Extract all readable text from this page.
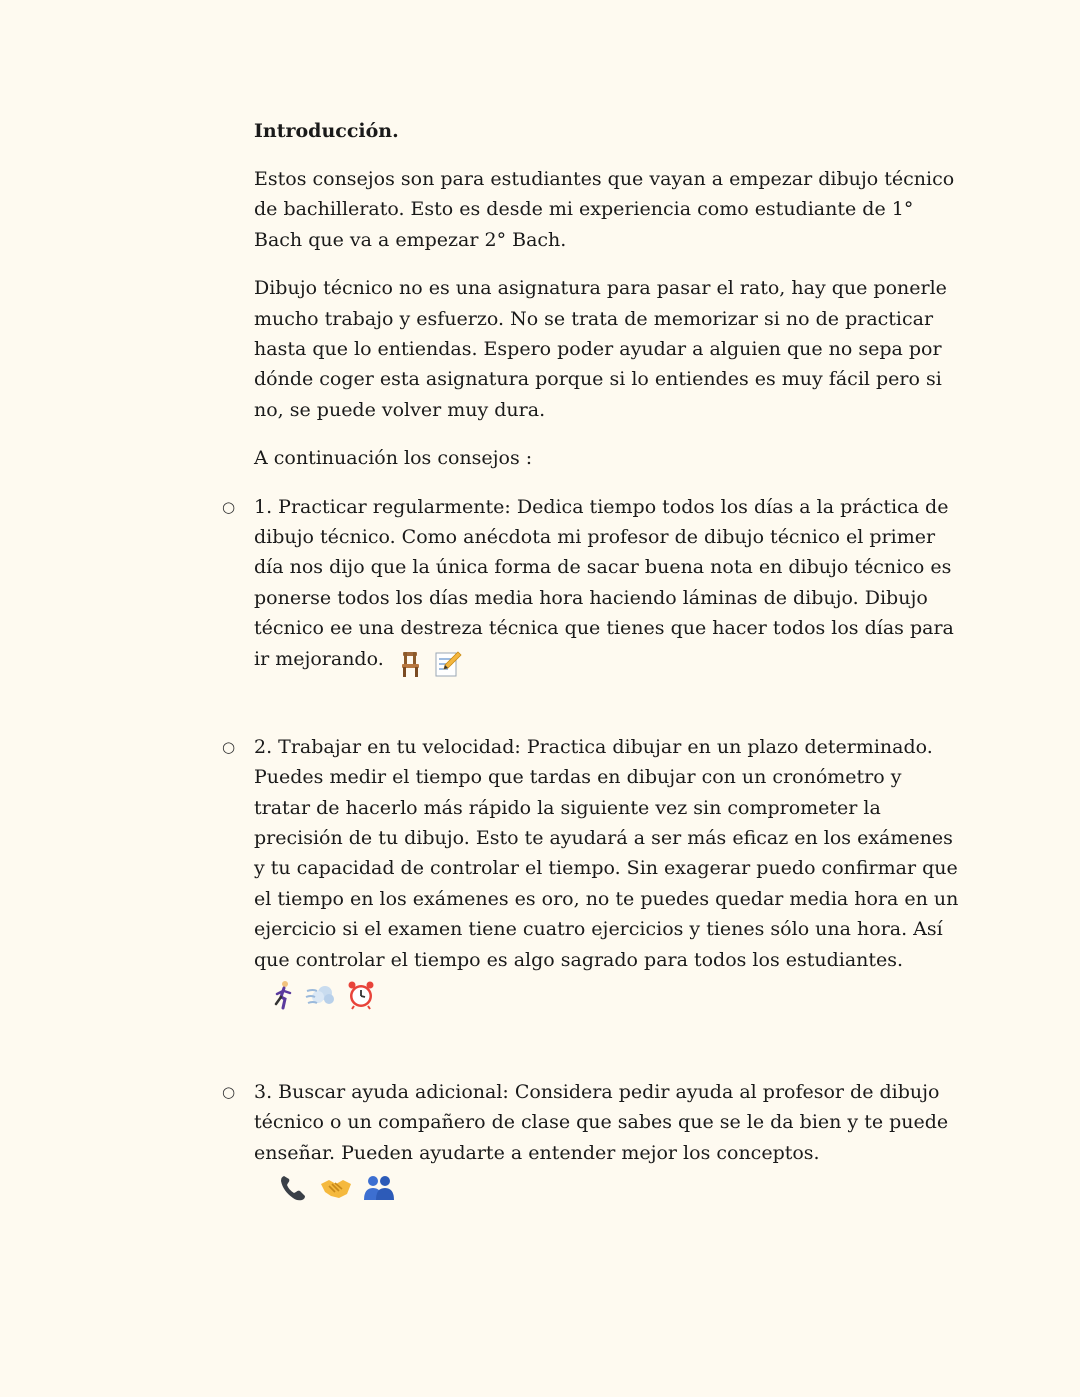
Introducción.

Estos consejos son para estudiantes que vayan a empezar dibujo técnico de bachillerato. Esto es desde mi experiencia como estudiante de 1° Bach que va a empezar 2° Bach.

Dibujo técnico no es una asignatura para pasar el rato, hay que ponerle mucho trabajo y esfuerzo. No se trata de memorizar si no de practicar hasta que lo entiendas. Espero poder ayudar a alguien que no sepa por dónde coger esta asignatura porque si lo entiendes es muy fácil pero si no, se puede volver muy dura.

A continuación los consejos :

○ 1. Practicar regularmente: Dedica tiempo todos los días a la práctica de dibujo técnico. Como anécdota mi profesor de dibujo técnico el primer día nos dijo que la única forma de sacar buena nota en dibujo técnico es ponerse todos los días media hora haciendo láminas de dibujo. Dibujo técnico ee una destreza técnica que tienes que hacer todos los días para ir mejorando.
○ 2. Trabajar en tu velocidad: Practica dibujar en un plazo determinado. Puedes medir el tiempo que tardas en dibujar con un cronómetro y tratar de hacerlo más rápido la siguiente vez sin comprometer la precisión de tu dibujo. Esto te ayudará a ser más eficaz en los exámenes y tu capacidad de controlar el tiempo. Sin exagerar puedo confirmar que el tiempo en los exámenes es oro, no te puedes quedar media hora en un ejercicio si el examen tiene cuatro ejercicios y tienes sólo una hora. Así que controlar el tiempo es algo sagrado para todos los estudiantes.
○ 3. Buscar ayuda adicional: Considera pedir ayuda al profesor de dibujo técnico o un compañero de clase que sabes que se le da bien y te puede enseñar. Pueden ayudarte a entender mejor los conceptos.
